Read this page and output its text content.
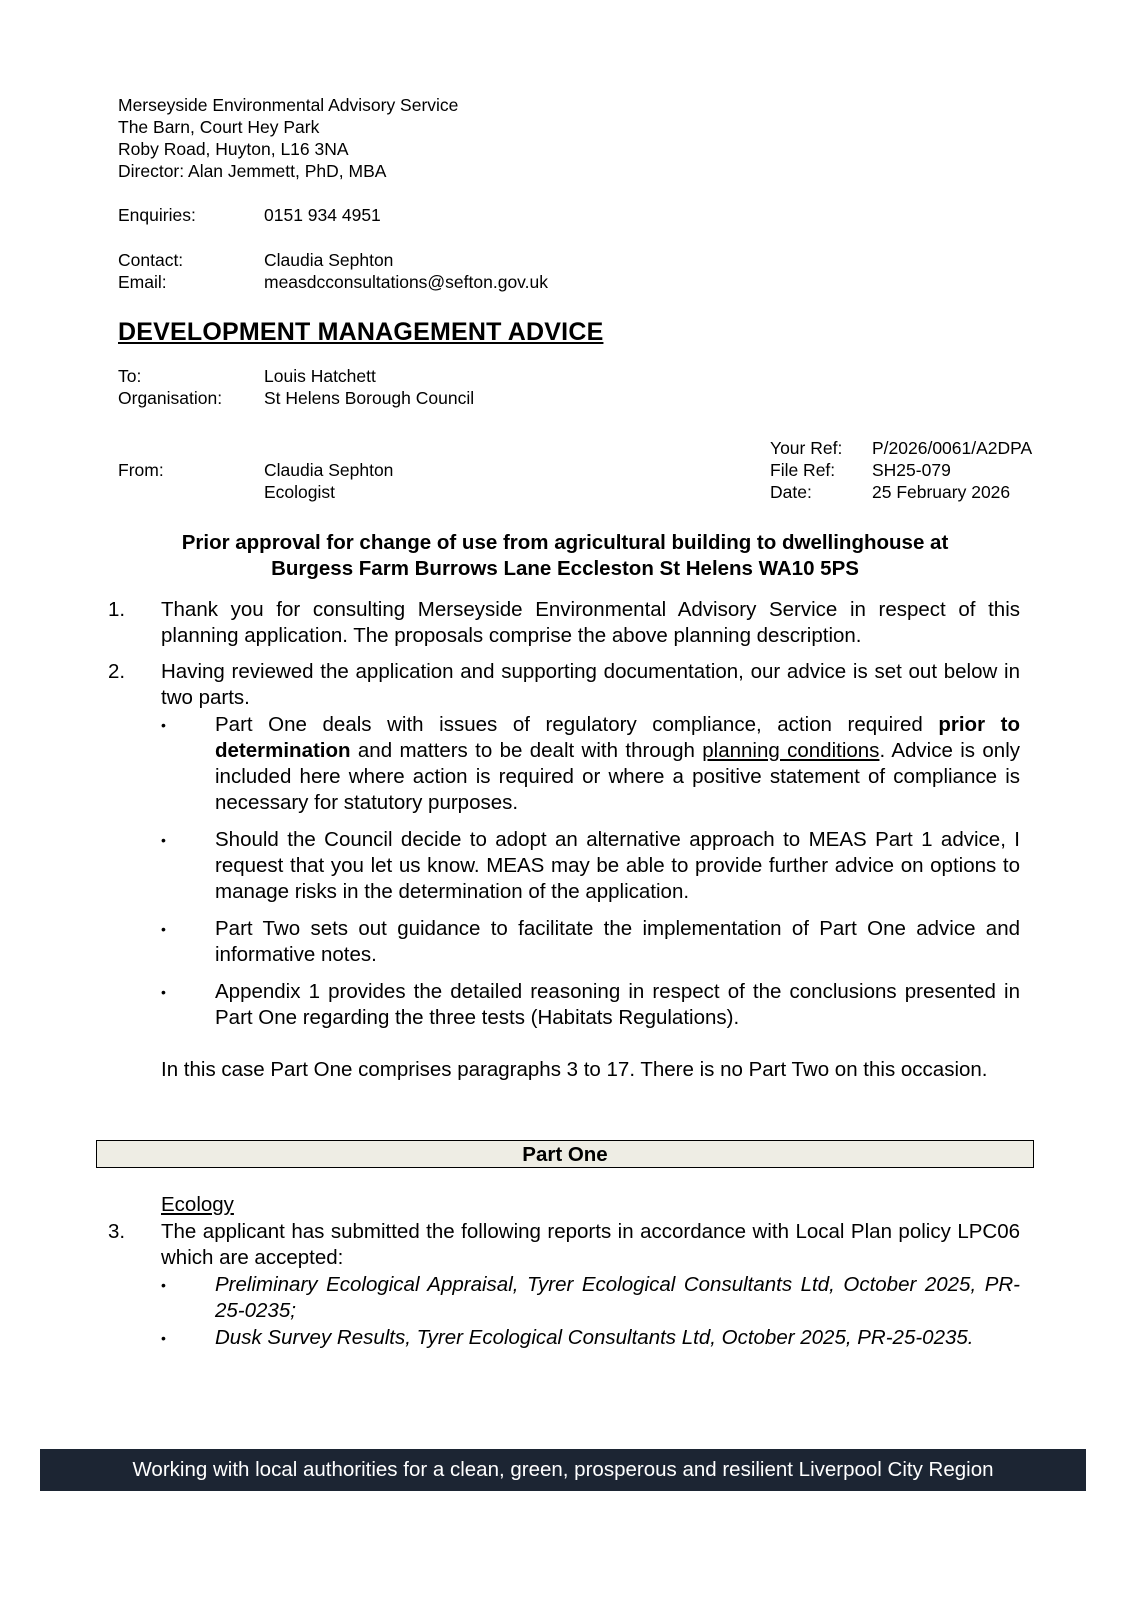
Merseyside Environmental Advisory Service
The Barn, Court Hey Park
Roby Road, Huyton, L16 3NA
Director: Alan Jemmett, PhD, MBA
Enquiries:	0151 934 4951
Contact:	Claudia Sephton
Email:	measdcconsultations@sefton.gov.uk
DEVELOPMENT MANAGEMENT ADVICE
To:	Louis Hatchett
Organisation: St Helens Borough Council
From:	Claudia Sephton
Ecologist
Your Ref: P/2026/0061/A2DPA
File Ref: SH25-079
Date:	25 February 2026
Prior approval for change of use from agricultural building to dwellinghouse at
Burgess Farm Burrows Lane Eccleston St Helens WA10 5PS
1. Thank you for consulting Merseyside Environmental Advisory Service in respect of this planning application. The proposals comprise the above planning description.
2. Having reviewed the application and supporting documentation, our advice is set out below in two parts.
• Part One deals with issues of regulatory compliance, action required prior to determination and matters to be dealt with through planning conditions. Advice is only included here where action is required or where a positive statement of compliance is necessary for statutory purposes.
• Should the Council decide to adopt an alternative approach to MEAS Part 1 advice, I request that you let us know. MEAS may be able to provide further advice on options to manage risks in the determination of the application.
• Part Two sets out guidance to facilitate the implementation of Part One advice and informative notes.
• Appendix 1 provides the detailed reasoning in respect of the conclusions presented in Part One regarding the three tests (Habitats Regulations).
In this case Part One comprises paragraphs 3 to 17. There is no Part Two on this occasion.
Part One
Ecology
3. The applicant has submitted the following reports in accordance with Local Plan policy LPC06 which are accepted:
• Preliminary Ecological Appraisal, Tyrer Ecological Consultants Ltd, October 2025, PR-25-0235;
• Dusk Survey Results, Tyrer Ecological Consultants Ltd, October 2025, PR-25-0235.
Working with local authorities for a clean, green, prosperous and resilient Liverpool City Region
